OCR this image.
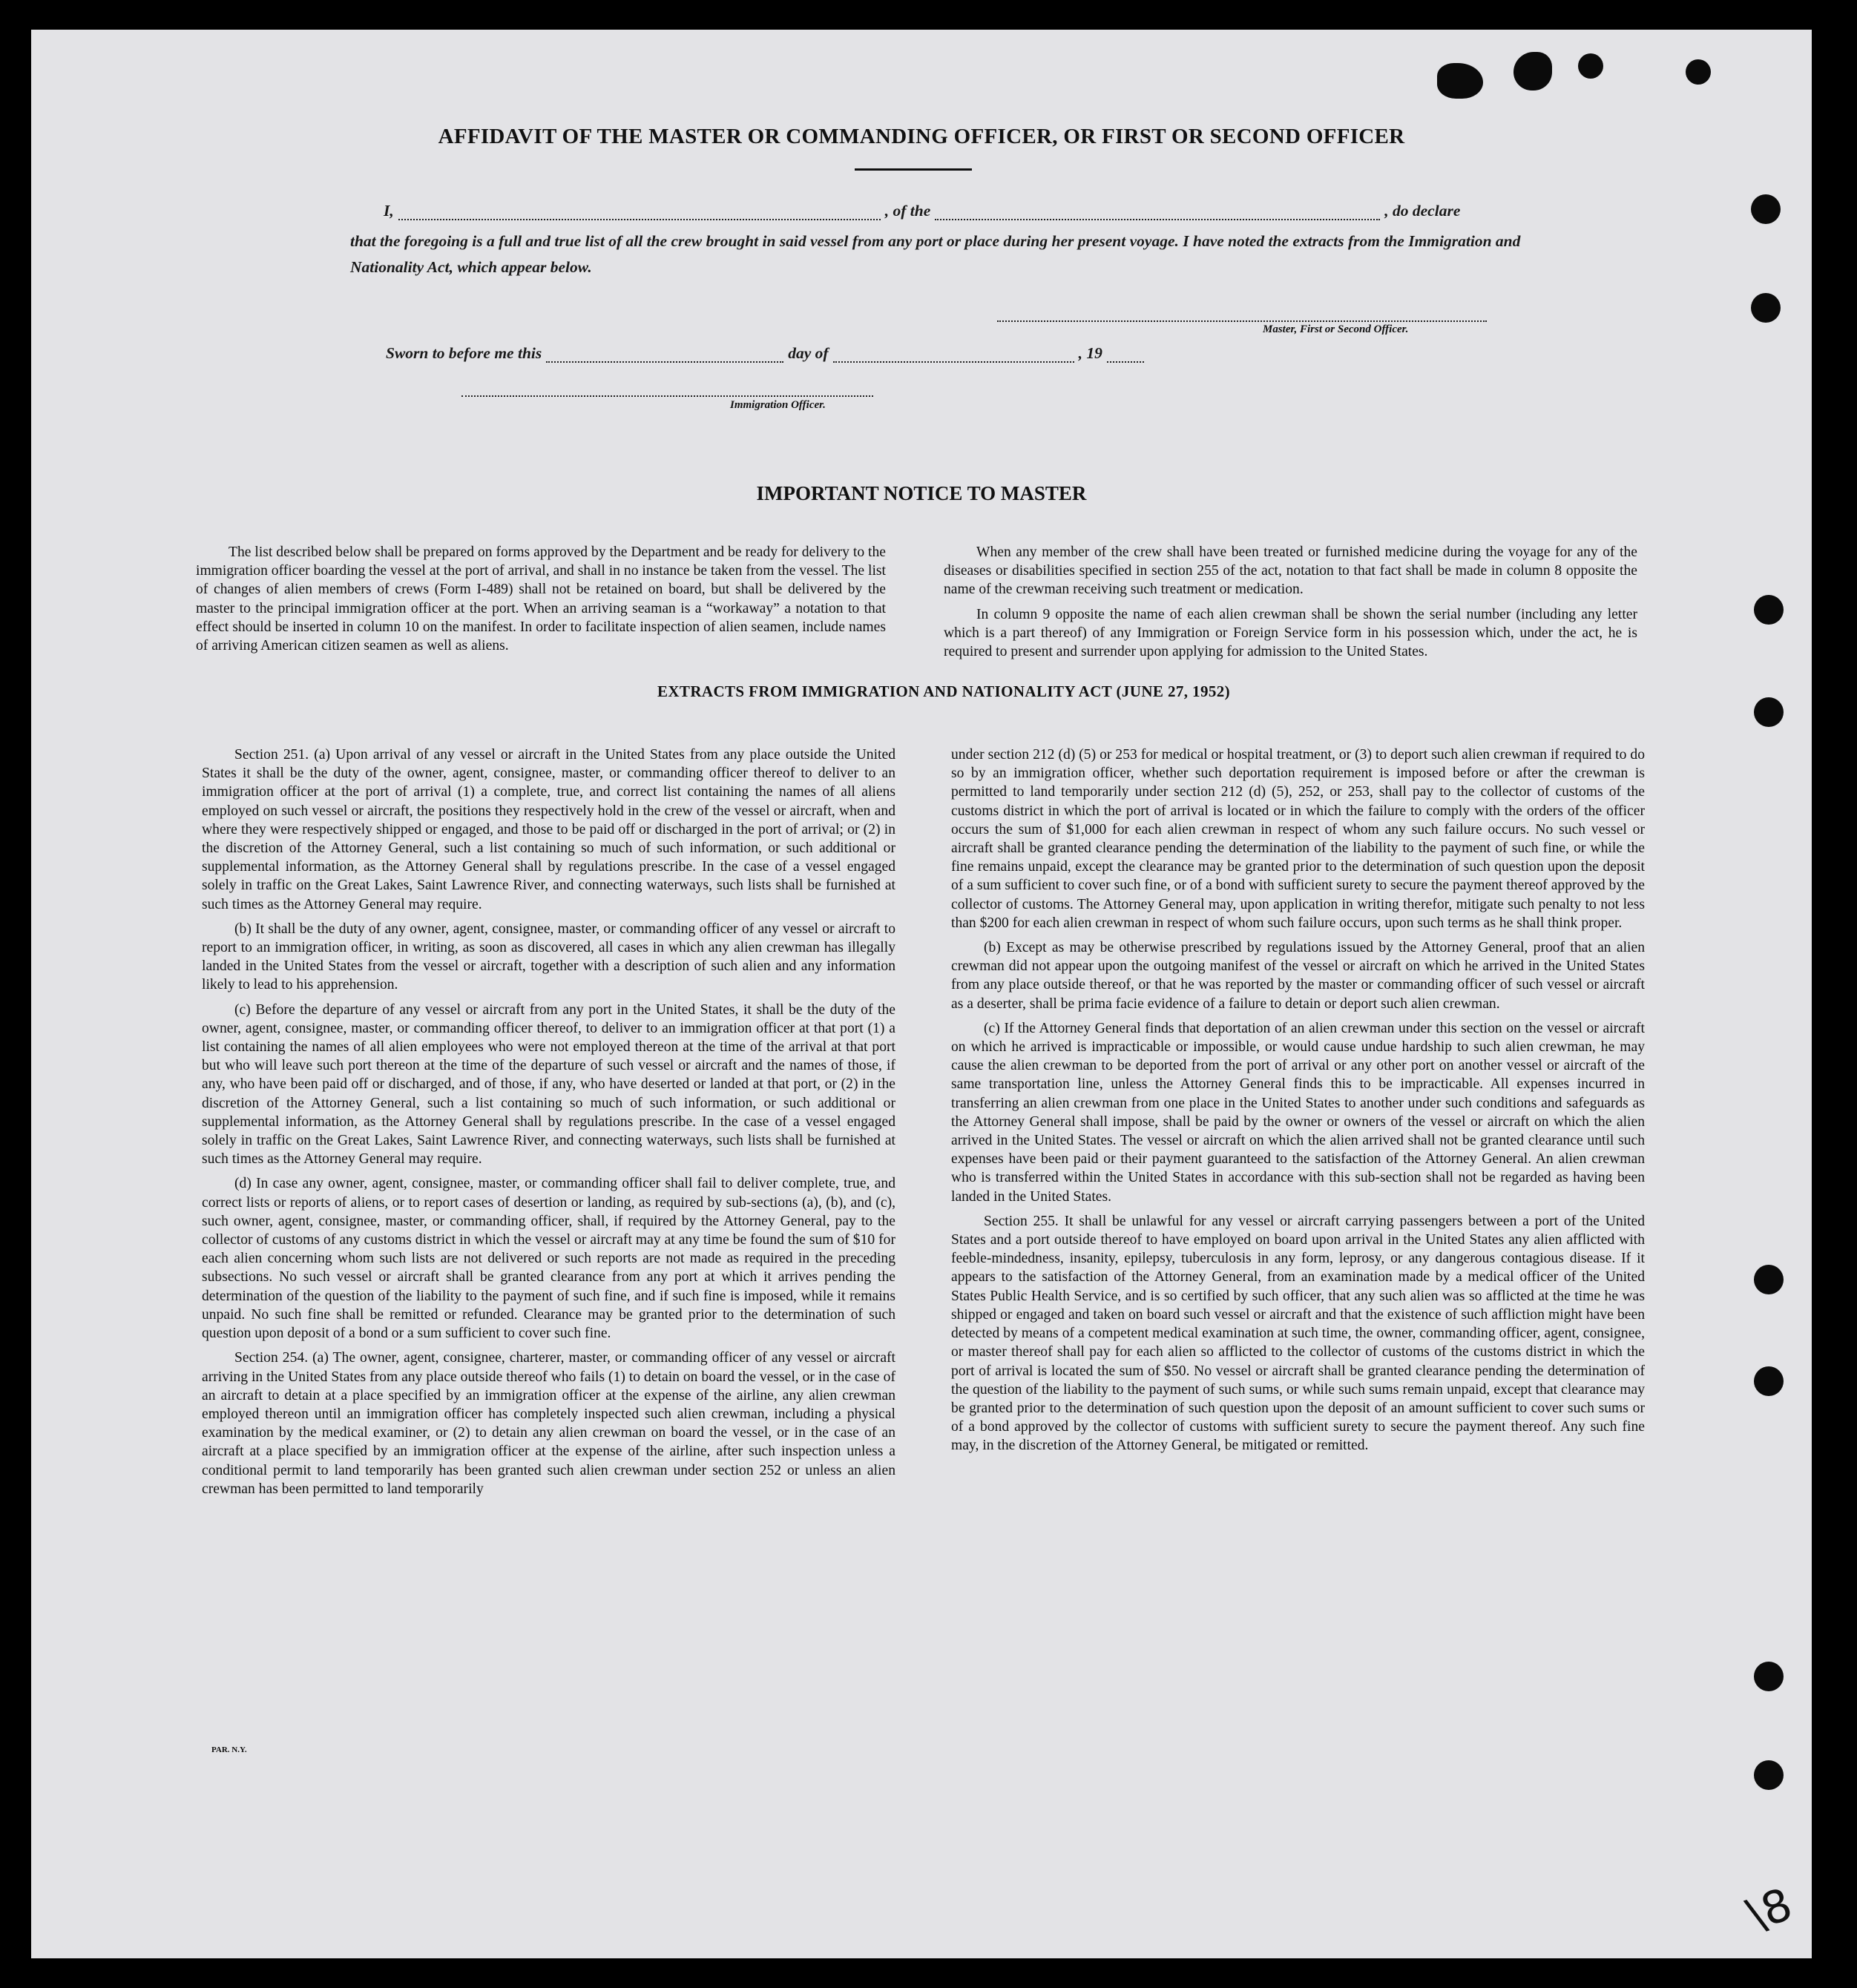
AFFIDAVIT OF THE MASTER OR COMMANDING OFFICER, OR FIRST OR SECOND OFFICER
I,	, of the	, do declare
that the foregoing is a full and true list of all the crew brought in said vessel from any port or place during her present voyage. I have noted the extracts from the Immigration and Nationality Act, which appear below.
Master, First or Second Officer.
Sworn to before me this	day of	, 19
Immigration Officer.
IMPORTANT NOTICE TO MASTER

The list described below shall be prepared on forms approved by the Department and be ready for delivery to the immigration officer boarding the vessel at the port of arrival, and shall in no instance be taken from the vessel. The list of changes of alien members of crews (Form I-489) shall not be retained on board, but shall be delivered by the master to the principal immigration officer at the port. When an arriving seaman is a “workaway” a notation to that effect should be inserted in column 10 on the manifest. In order to facilitate inspection of alien seamen, include names of arriving American citizen seamen as well as aliens.

When any member of the crew shall have been treated or furnished medicine during the voyage for any of the diseases or disabilities specified in section 255 of the act, notation to that fact shall be made in column 8 opposite the name of the crewman receiving such treatment or medication.

In column 9 opposite the name of each alien crewman shall be shown the serial number (including any letter which is a part thereof) of any Immigration or Foreign Service form in his possession which, under the act, he is required to present and surrender upon applying for admission to the United States.

EXTRACTS FROM IMMIGRATION AND NATIONALITY ACT (JUNE 27, 1952)

Section 251. (a) Upon arrival of any vessel or aircraft in the United States from any place outside the United States it shall be the duty of the owner, agent, consignee, master, or commanding officer thereof to deliver to an immigration officer at the port of arrival (1) a complete, true, and correct list containing the names of all aliens employed on such vessel or aircraft, the positions they respectively hold in the crew of the vessel or aircraft, when and where they were respectively shipped or engaged, and those to be paid off or discharged in the port of arrival; or (2) in the discretion of the Attorney General, such a list containing so much of such information, or such additional or supplemental information, as the Attorney General shall by regulations prescribe. In the case of a vessel engaged solely in traffic on the Great Lakes, Saint Lawrence River, and connecting waterways, such lists shall be furnished at such times as the Attorney General may require.

(b) It shall be the duty of any owner, agent, consignee, master, or commanding officer of any vessel or aircraft to report to an immigration officer, in writing, as soon as discovered, all cases in which any alien crewman has illegally landed in the United States from the vessel or aircraft, together with a description of such alien and any information likely to lead to his apprehension.

(c) Before the departure of any vessel or aircraft from any port in the United States, it shall be the duty of the owner, agent, consignee, master, or commanding officer thereof, to deliver to an immigration officer at that port (1) a list containing the names of all alien employees who were not employed thereon at the time of the arrival at that port but who will leave such port thereon at the time of the departure of such vessel or aircraft and the names of those, if any, who have been paid off or discharged, and of those, if any, who have deserted or landed at that port, or (2) in the discretion of the Attorney General, such a list containing so much of such information, or such additional or supplemental information, as the Attorney General shall by regulations prescribe. In the case of a vessel engaged solely in traffic on the Great Lakes, Saint Lawrence River, and connecting waterways, such lists shall be furnished at such times as the Attorney General may require.

(d) In case any owner, agent, consignee, master, or commanding officer shall fail to deliver complete, true, and correct lists or reports of aliens, or to report cases of desertion or landing, as required by sub-sections (a), (b), and (c), such owner, agent, consignee, master, or commanding officer, shall, if required by the Attorney General, pay to the collector of customs of any customs district in which the vessel or aircraft may at any time be found the sum of $10 for each alien concerning whom such lists are not delivered or such reports are not made as required in the preceding subsections. No such vessel or aircraft shall be granted clearance from any port at which it arrives pending the determination of the question of the liability to the payment of such fine, and if such fine is imposed, while it remains unpaid. No such fine shall be remitted or refunded. Clearance may be granted prior to the determination of such question upon deposit of a bond or a sum sufficient to cover such fine.

Section 254. (a) The owner, agent, consignee, charterer, master, or commanding officer of any vessel or aircraft arriving in the United States from any place outside thereof who fails (1) to detain on board the vessel, or in the case of an aircraft to detain at a place specified by an immigration officer at the expense of the airline, any alien crewman employed thereon until an immigration officer has completely inspected such alien crewman, including a physical examination by the medical examiner, or (2) to detain any alien crewman on board the vessel, or in the case of an aircraft at a place specified by an immigration officer at the expense of the airline, after such inspection unless a conditional permit to land temporarily has been granted such alien crewman under section 252 or unless an alien crewman has been permitted to land temporarily

under section 212 (d) (5) or 253 for medical or hospital treatment, or (3) to deport such alien crewman if required to do so by an immigration officer, whether such deportation requirement is imposed before or after the crewman is permitted to land temporarily under section 212 (d) (5), 252, or 253, shall pay to the collector of customs of the customs district in which the port of arrival is located or in which the failure to comply with the orders of the officer occurs the sum of $1,000 for each alien crewman in respect of whom any such failure occurs. No such vessel or aircraft shall be granted clearance pending the determination of the liability to the payment of such fine, or while the fine remains unpaid, except the clearance may be granted prior to the determination of such question upon the deposit of a sum sufficient to cover such fine, or of a bond with sufficient surety to secure the payment thereof approved by the collector of customs. The Attorney General may, upon application in writing therefor, mitigate such penalty to not less than $200 for each alien crewman in respect of whom such failure occurs, upon such terms as he shall think proper.

(b) Except as may be otherwise prescribed by regulations issued by the Attorney General, proof that an alien crewman did not appear upon the outgoing manifest of the vessel or aircraft on which he arrived in the United States from any place outside thereof, or that he was reported by the master or commanding officer of such vessel or aircraft as a deserter, shall be prima facie evidence of a failure to detain or deport such alien crewman.

(c) If the Attorney General finds that deportation of an alien crewman under this section on the vessel or aircraft on which he arrived is impracticable or impossible, or would cause undue hardship to such alien crewman, he may cause the alien crewman to be deported from the port of arrival or any other port on another vessel or aircraft of the same transportation line, unless the Attorney General finds this to be impracticable. All expenses incurred in transferring an alien crewman from one place in the United States to another under such conditions and safeguards as the Attorney General shall impose, shall be paid by the owner or owners of the vessel or aircraft on which the alien arrived in the United States. The vessel or aircraft on which the alien arrived shall not be granted clearance until such expenses have been paid or their payment guaranteed to the satisfaction of the Attorney General. An alien crewman who is transferred within the United States in accordance with this sub-section shall not be regarded as having been landed in the United States.

Section 255. It shall be unlawful for any vessel or aircraft carrying passengers between a port of the United States and a port outside thereof to have employed on board upon arrival in the United States any alien afflicted with feeble-mindedness, insanity, epilepsy, tuberculosis in any form, leprosy, or any dangerous contagious disease. If it appears to the satisfaction of the Attorney General, from an examination made by a medical officer of the United States Public Health Service, and is so certified by such officer, that any such alien was so afflicted at the time he was shipped or engaged and taken on board such vessel or aircraft and that the existence of such affliction might have been detected by means of a competent medical examination at such time, the owner, commanding officer, agent, consignee, or master thereof shall pay for each alien so afflicted to the collector of customs of the customs district in which the port of arrival is located the sum of $50. No vessel or aircraft shall be granted clearance pending the determination of the question of the liability to the payment of such sums, or while such sums remain unpaid, except that clearance may be granted prior to the determination of such question upon the deposit of an amount sufficient to cover such sums or of a bond approved by the collector of customs with sufficient surety to secure the payment thereof. Any such fine may, in the discretion of the Attorney General, be mitigated or remitted.

PAR. N.Y.
\8
